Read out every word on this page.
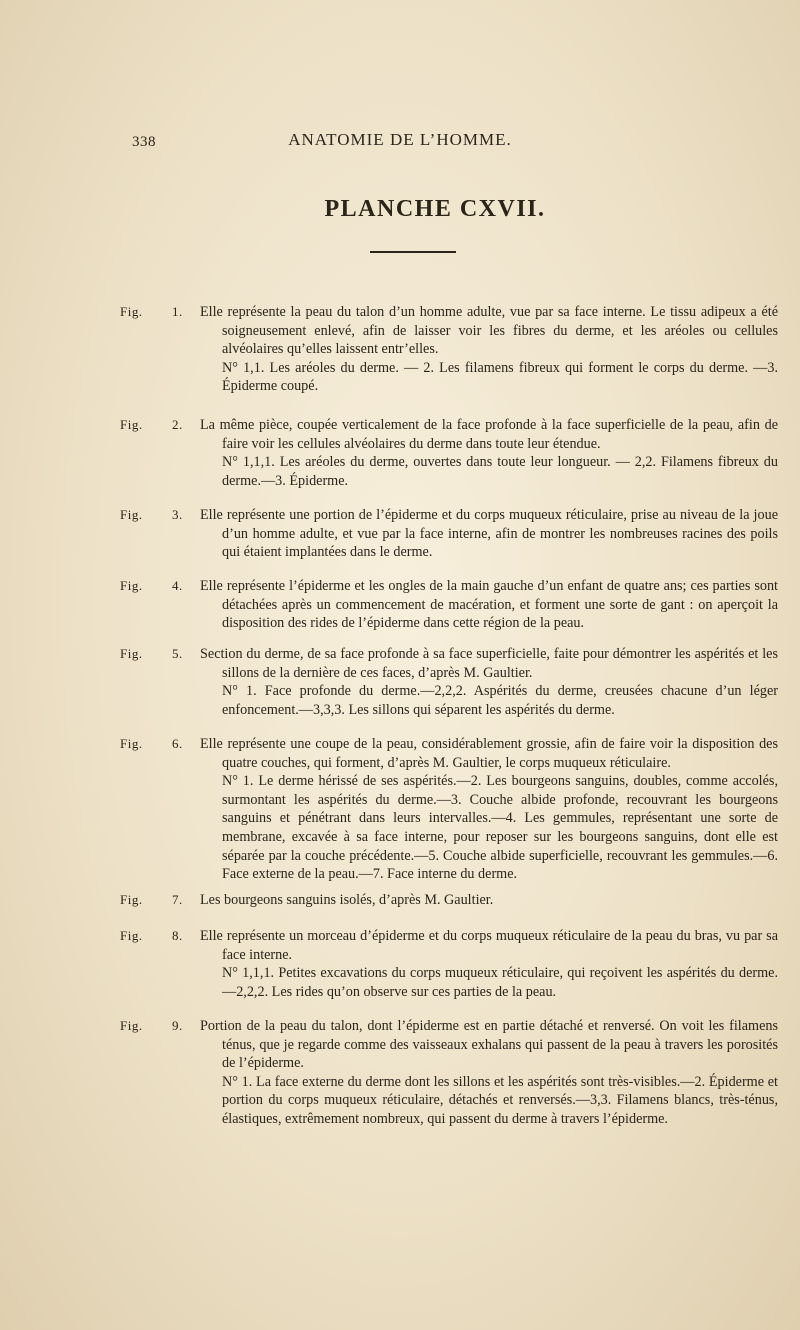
338	ANATOMIE DE L’HOMME.
PLANCHE CXVII.
Fig. 1. Elle représente la peau du talon d’un homme adulte, vue par sa face interne. Le tissu adipeux a été soigneusement enlevé, afin de laisser voir les fibres du derme, et les aréoles ou cellules alvéolaires qu’elles laissent entr’elles.
N° 1,1. Les aréoles du derme. — 2. Les filamens fibreux qui forment le corps du derme. —3. Épiderme coupé.
Fig. 2. La même pièce, coupée verticalement de la face profonde à la face superficielle de la peau, afin de faire voir les cellules alvéolaires du derme dans toute leur étendue.
N° 1,1,1. Les aréoles du derme, ouvertes dans toute leur longueur. — 2,2. Filamens fibreux du derme.—3. Épiderme.
Fig. 3. Elle représente une portion de l’épiderme et du corps muqueux réticulaire, prise au niveau de la joue d’un homme adulte, et vue par la face interne, afin de montrer les nombreuses racines des poils qui étaient implantées dans le derme.
Fig. 4. Elle représente l’épiderme et les ongles de la main gauche d’un enfant de quatre ans; ces parties sont détachées après un commencement de macération, et forment une sorte de gant : on aperçoit la disposition des rides de l’épiderme dans cette région de la peau.
Fig. 5. Section du derme, de sa face profonde à sa face superficielle, faite pour démontrer les aspérités et les sillons de la dernière de ces faces, d’après M. Gaultier.
N° 1. Face profonde du derme.—2,2,2. Aspérités du derme, creusées chacune d’un léger enfoncement.—3,3,3. Les sillons qui séparent les aspérités du derme.
Fig. 6. Elle représente une coupe de la peau, considérablement grossie, afin de faire voir la disposition des quatre couches, qui forment, d’après M. Gaultier, le corps muqueux réticulaire.
N° 1. Le derme hérissé de ses aspérités.—2. Les bourgeons sanguins, doubles, comme accolés, surmontant les aspérités du derme.—3. Couche albide profonde, recouvrant les bourgeons sanguins et pénétrant dans leurs intervalles.—4. Les gemmules, représentant une sorte de membrane, excavée à sa face interne, pour reposer sur les bourgeons sanguins, dont elle est séparée par la couche précédente.—5. Couche albide superficielle, recouvrant les gemmules.—6. Face externe de la peau.—7. Face interne du derme.
Fig. 7. Les bourgeons sanguins isolés, d’après M. Gaultier.
Fig. 8. Elle représente un morceau d’épiderme et du corps muqueux réticulaire de la peau du bras, vu par sa face interne.
N° 1,1,1. Petites excavations du corps muqueux réticulaire, qui reçoivent les aspérités du derme.—2,2,2. Les rides qu’on observe sur ces parties de la peau.
Fig. 9. Portion de la peau du talon, dont l’épiderme est en partie détaché et renversé. On voit les filamens ténus, que je regarde comme des vaisseaux exhalans qui passent de la peau à travers les porosités de l’épiderme.
N° 1. La face externe du derme dont les sillons et les aspérités sont très-visibles.—2. Épiderme et portion du corps muqueux réticulaire, détachés et renversés.—3,3. Filamens blancs, très-ténus, élastiques, extrêmement nombreux, qui passent du derme à travers l’épiderme.
